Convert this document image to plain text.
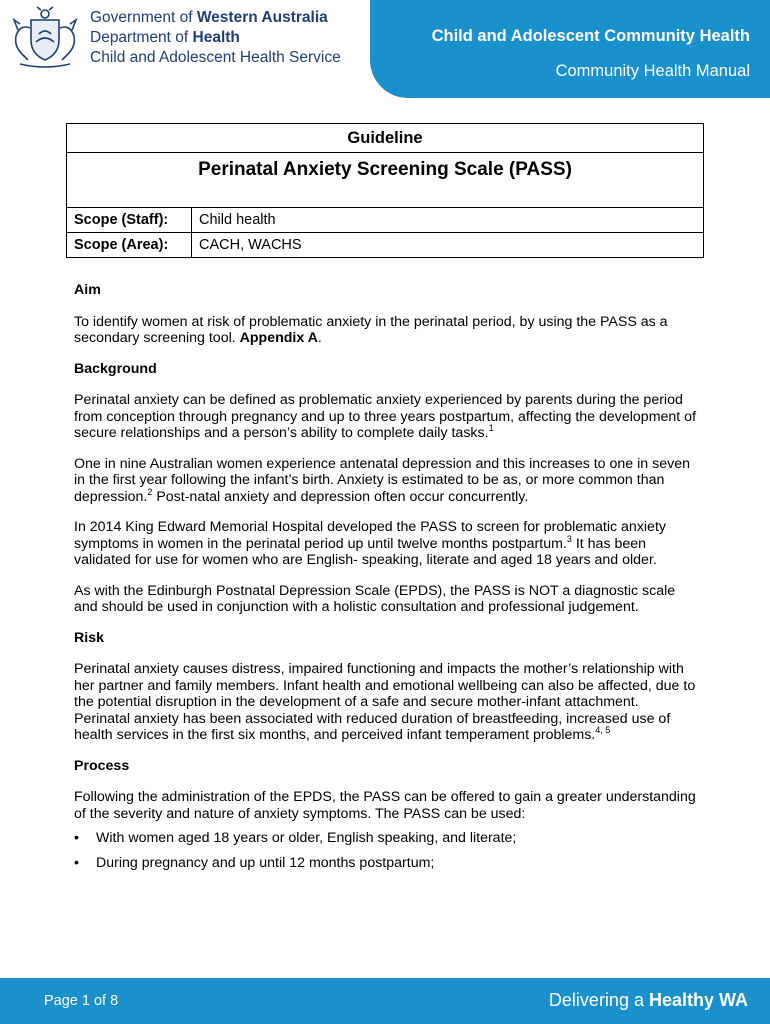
Government of Western Australia
Department of Health
Child and Adolescent Health Service
Child and Adolescent Community Health
Community Health Manual
Guideline	
Perinatal Anxiety Screening Scale (PASS)	
Scope (Staff):	Child health
Scope (Area):	CACH, WACHS

Aim

To identify women at risk of problematic anxiety in the perinatal period, by using the PASS as a secondary screening tool. Appendix A.

Background

Perinatal anxiety can be defined as problematic anxiety experienced by parents during the period from conception through pregnancy and up to three years postpartum, affecting the development of secure relationships and a person’s ability to complete daily tasks.$^1$

One in nine Australian women experience antenatal depression and this increases to one in seven in the first year following the infant’s birth. Anxiety is estimated to be as, or more common than depression.$^2$ Post-natal anxiety and depression often occur concurrently.

In 2014 King Edward Memorial Hospital developed the PASS to screen for problematic anxiety symptoms in women in the perinatal period up until twelve months postpartum.$^3$ It has been validated for use for women who are English- speaking, literate and aged 18 years and older.

As with the Edinburgh Postnatal Depression Scale (EPDS), the PASS is NOT a diagnostic scale and should be used in conjunction with a holistic consultation and professional judgement.

Risk

Perinatal anxiety causes distress, impaired functioning and impacts the mother’s relationship with her partner and family members. Infant health and emotional wellbeing can also be affected, due to the potential disruption in the development of a safe and secure mother-infant attachment. Perinatal anxiety has been associated with reduced duration of breastfeeding, increased use of health services in the first six months, and perceived infant temperament problems.$^{4, 5}$

Process

Following the administration of the EPDS, the PASS can be offered to gain a greater understanding of the severity and nature of anxiety symptoms. The PASS can be used:

• With women aged 18 years or older, English speaking, and literate;
• During pregnancy and up until 12 months postpartum;
Page 1 of 8	Delivering a Healthy WA
